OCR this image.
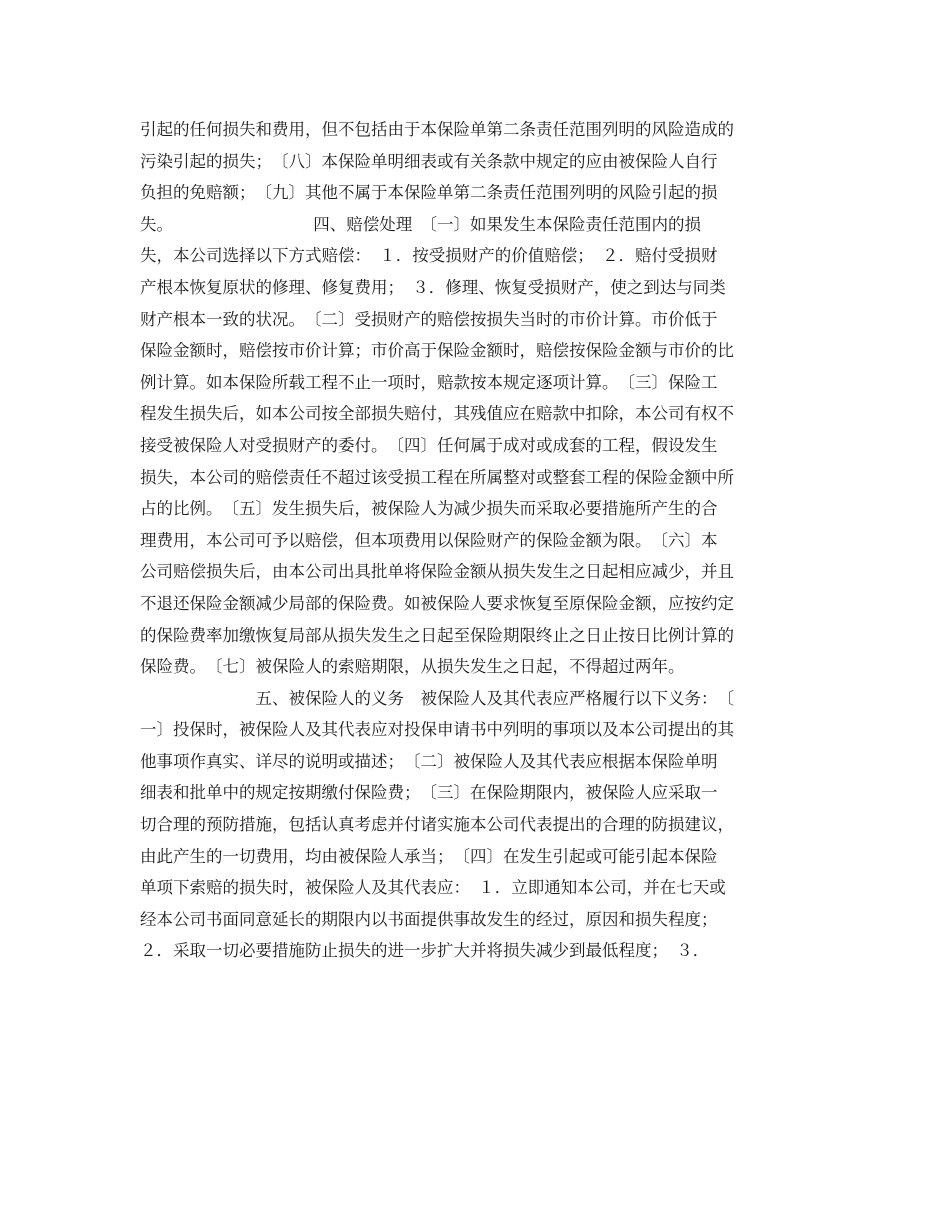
引起的任何损失和费用，但不包括由于本保险单第二条责任范围列明的风险造成的
污染引起的损失；　〔八〕本保险单明细表或有关条款中规定的应由被保险人自行
负担的免赔额；　〔九〕其他不属于本保险单第二条责任范围列明的风险引起的损
失。　　　　　　　　　四、赔偿处理　〔一〕如果发生本保险责任范围内的损
失，本公司选择以下方式赔偿：　１．按受损财产的价值赔偿；　２．赔付受损财
产根本恢复原状的修理、修复费用；　３．修理、恢复受损财产，使之到达与同类
财产根本一致的状况。　〔二〕受损财产的赔偿按损失当时的市价计算。市价低于
保险金额时，赔偿按市价计算；市价高于保险金额时，赔偿按保险金额与市价的比
例计算。如本保险所载工程不止一项时，赔款按本规定逐项计算。　〔三〕保险工
程发生损失后，如本公司按全部损失赔付，其残值应在赔款中扣除，本公司有权不
接受被保险人对受损财产的委付。　〔四〕任何属于成对或成套的工程，假设发生
损失，本公司的赔偿责任不超过该受损工程在所属整对或整套工程的保险金额中所
占的比例。　〔五〕发生损失后，被保险人为减少损失而采取必要措施所产生的合
理费用，本公司可予以赔偿，但本项费用以保险财产的保险金额为限。　〔六〕本
公司赔偿损失后，由本公司出具批单将保险金额从损失发生之日起相应减少，并且
不退还保险金额减少局部的保险费。如被保险人要求恢复至原保险金额，应按约定
的保险费率加缴恢复局部从损失发生之日起至保险期限终止之日止按日比例计算的
保险费。　〔七〕被保险人的索赔期限，从损失发生之日起，不得超过两年。
　　　　　　　五、被保险人的义务　被保险人及其代表应严格履行以下义务：　〔
一〕投保时，被保险人及其代表应对投保申请书中列明的事项以及本公司提出的其
他事项作真实、详尽的说明或描述；　〔二〕被保险人及其代表应根据本保险单明
细表和批单中的规定按期缴付保险费；　〔三〕在保险期限内，被保险人应采取一
切合理的预防措施，包括认真考虑并付诸实施本公司代表提出的合理的防损建议，
由此产生的一切费用，均由被保险人承当；　〔四〕在发生引起或可能引起本保险
单项下索赔的损失时，被保险人及其代表应：　１．立即通知本公司，并在七天或
经本公司书面同意延长的期限内以书面提供事故发生的经过，原因和损失程度；
２．采取一切必要措施防止损失的进一步扩大并将损失减少到最低程度；　３．
